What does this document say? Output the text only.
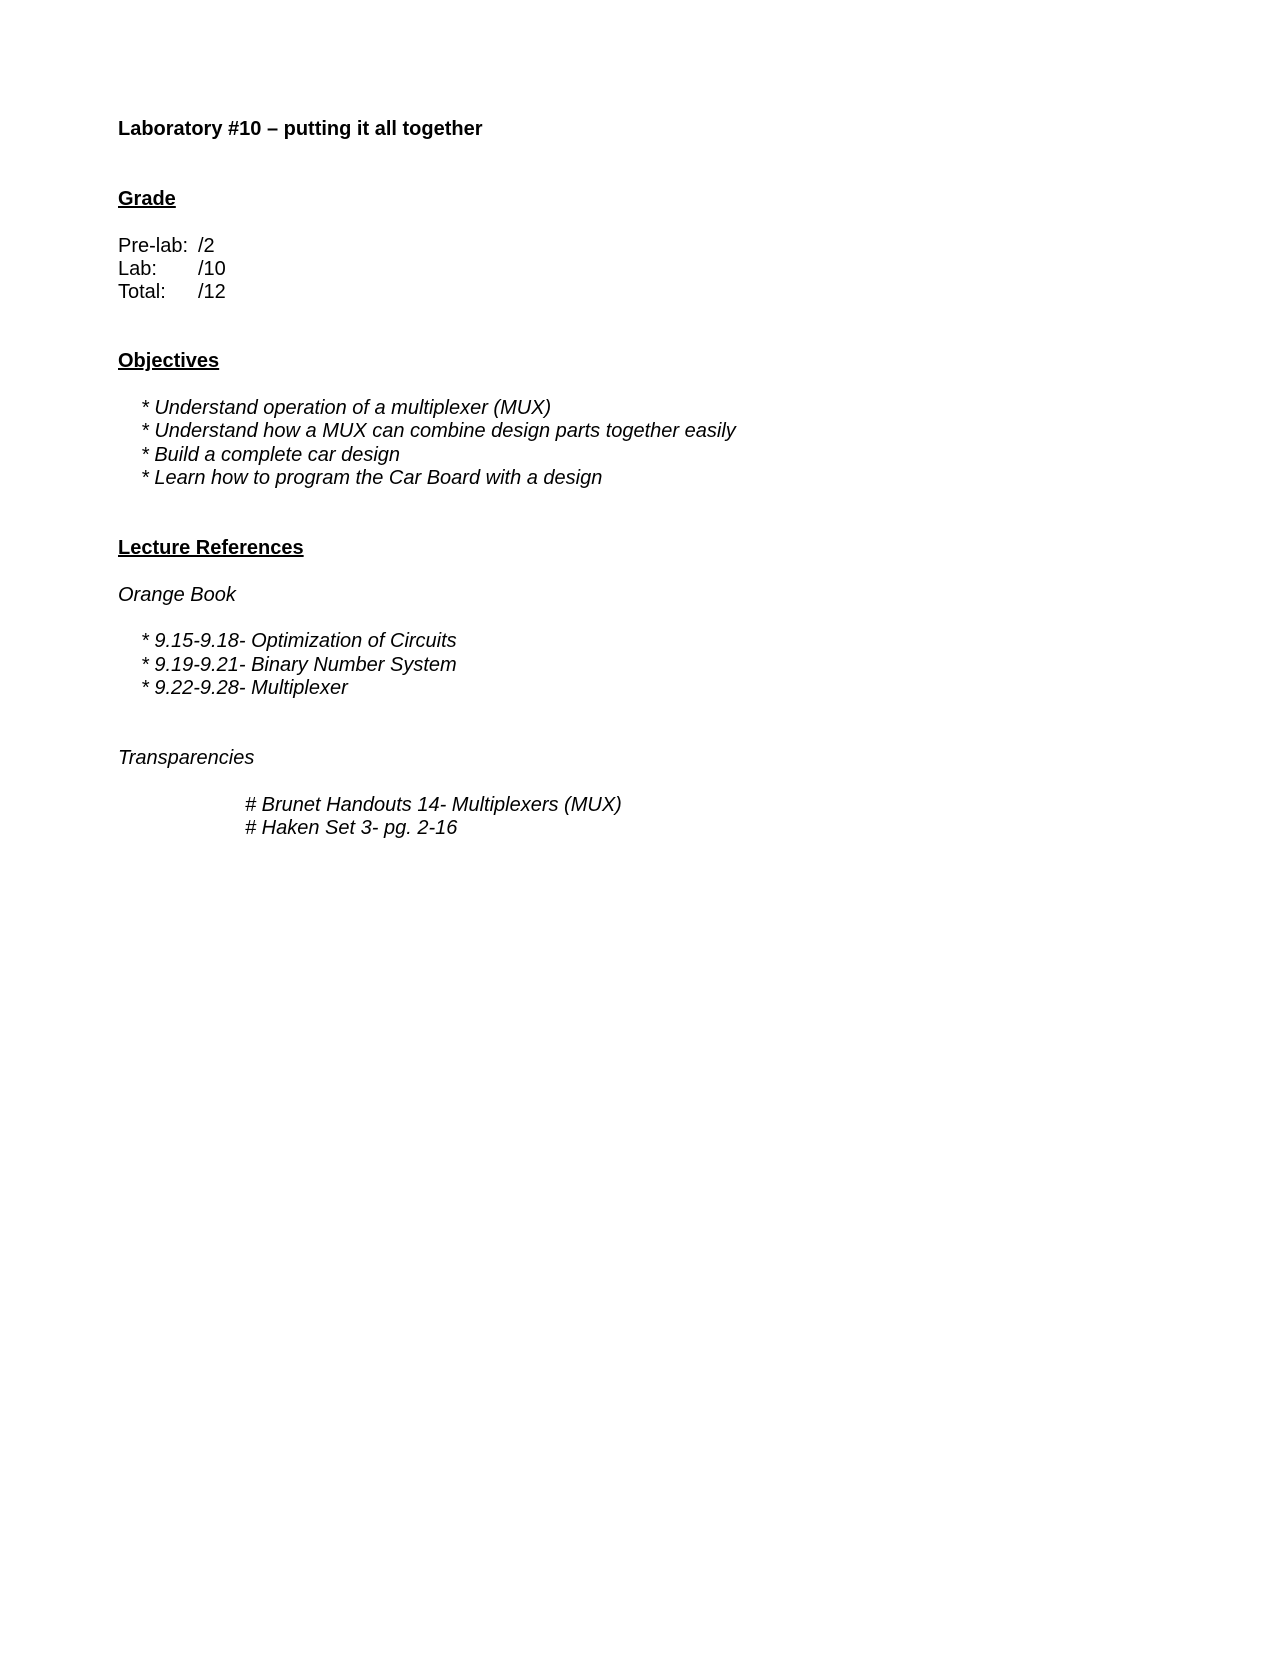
Laboratory #10 – putting it all together
Grade
Pre-lab: /2
Lab: /10
Total: /12
Objectives
* Understand operation of a multiplexer (MUX)
* Understand how a MUX can combine design parts together easily
* Build a complete car design
* Learn how to program the Car Board with a design
Lecture References
Orange Book
* 9.15-9.18- Optimization of Circuits
* 9.19-9.21- Binary Number System
* 9.22-9.28- Multiplexer
Transparencies
# Brunet Handouts 14- Multiplexers (MUX)
# Haken Set 3- pg. 2-16
